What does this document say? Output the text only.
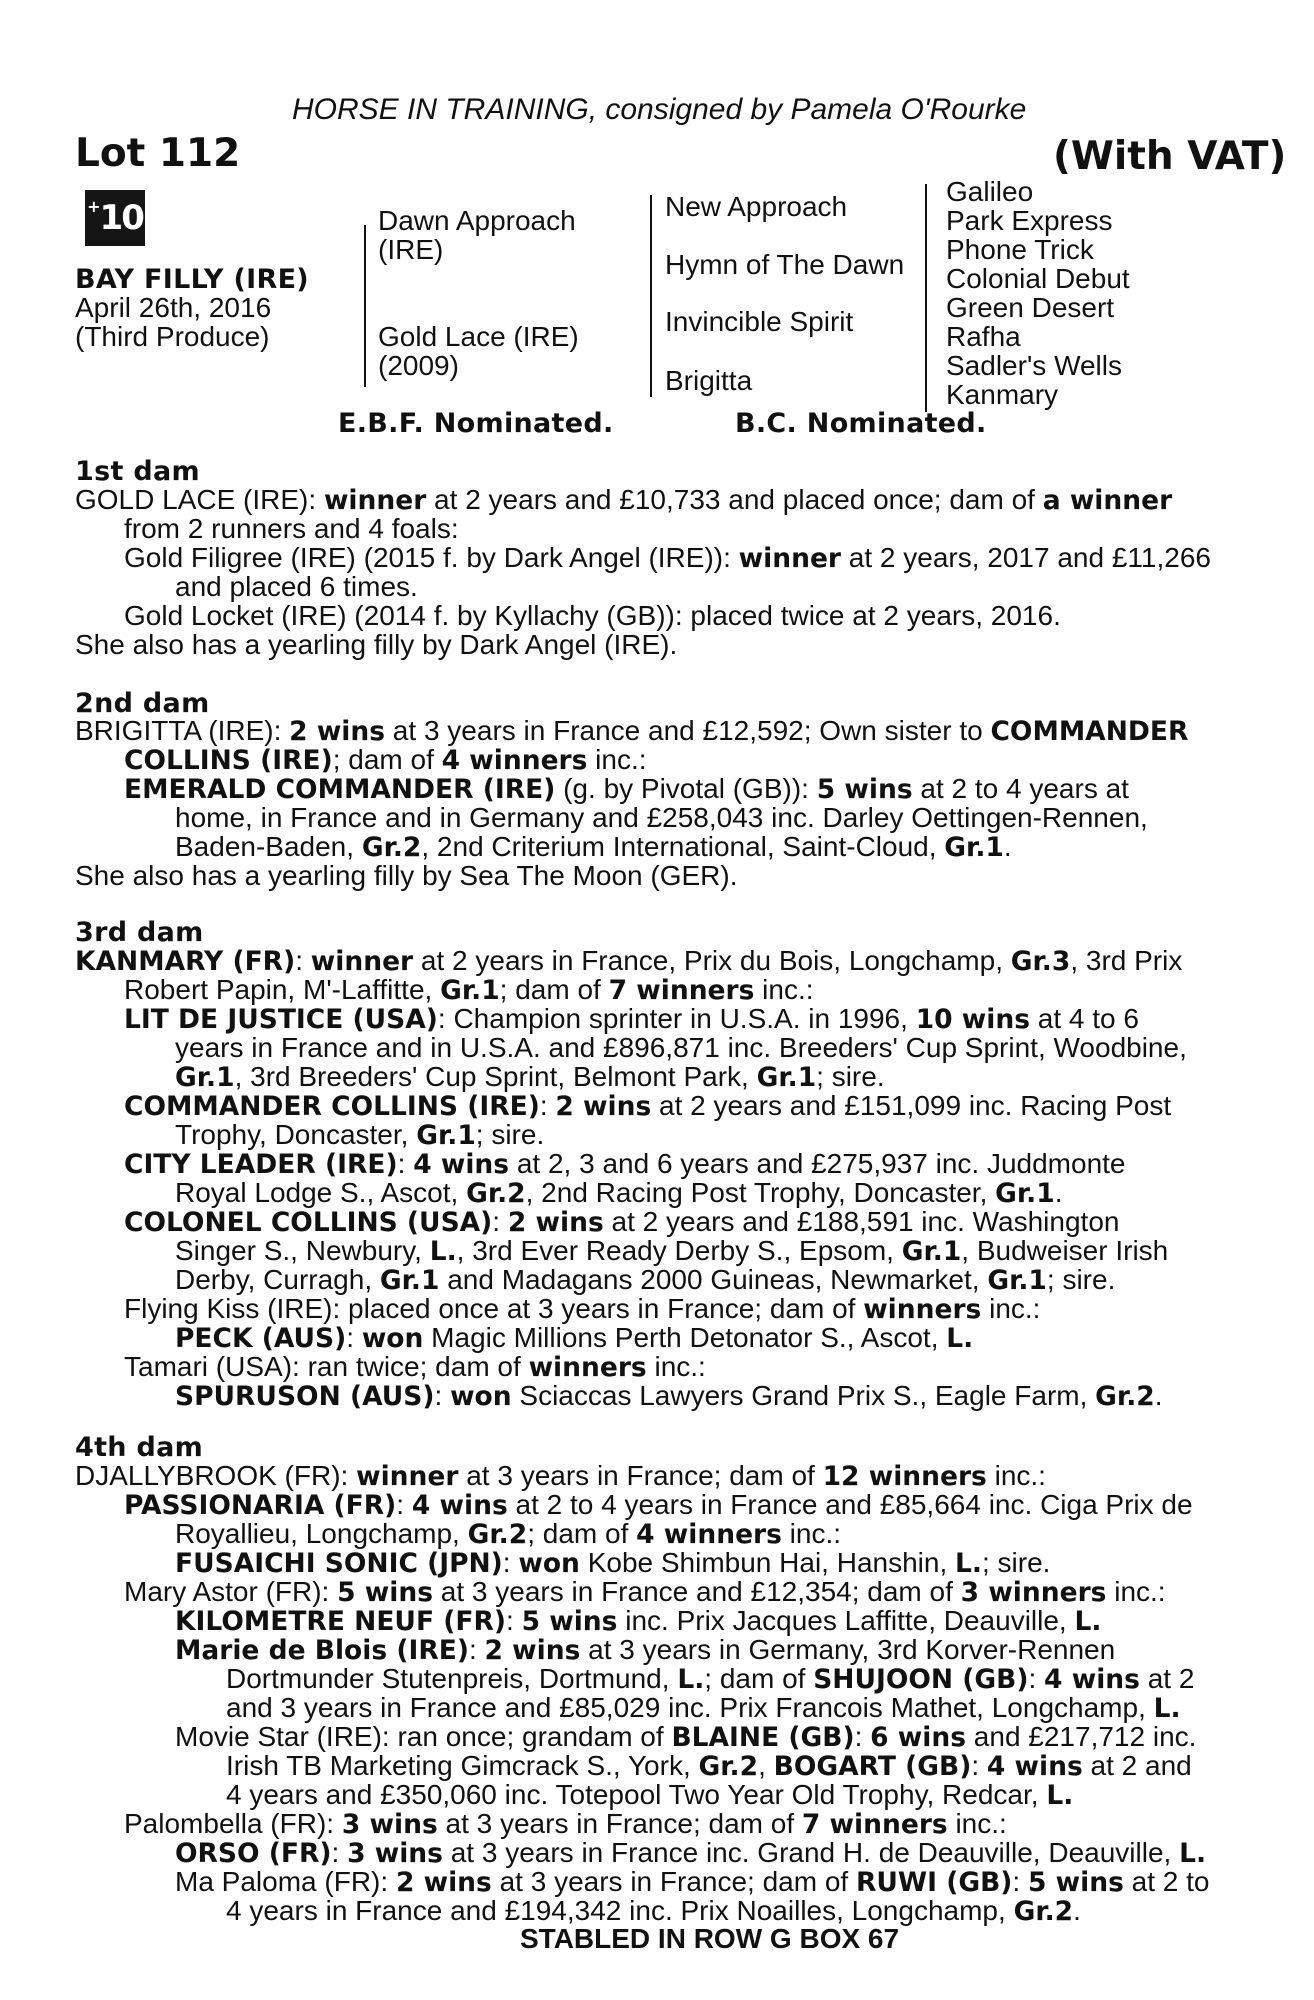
HORSE IN TRAINING, consigned by Pamela O'Rourke
Lot 112	(With VAT)
+ 10
BAY FILLY (IRE)
April 26th, 2016
(Third Produce)
Dawn Approach
(IRE)
Gold Lace (IRE)
(2009)
New Approach
Hymn of The Dawn
Invincible Spirit
Brigitta
Galileo
Park Express
Phone Trick
Colonial Debut
Green Desert
Rafha
Sadler's Wells
Kanmary
E.B.F. Nominated.	B.C. Nominated.
1st dam
GOLD LACE (IRE): winner at 2 years and £10,733 and placed once; dam of a winner
from 2 runners and 4 foals:
Gold Filigree (IRE) (2015 f. by Dark Angel (IRE)): winner at 2 years, 2017 and £11,266
and placed 6 times.
Gold Locket (IRE) (2014 f. by Kyllachy (GB)): placed twice at 2 years, 2016.
She also has a yearling filly by Dark Angel (IRE).
2nd dam
BRIGITTA (IRE): 2 wins at 3 years in France and £12,592; Own sister to COMMANDER
COLLINS (IRE); dam of 4 winners inc.:
EMERALD COMMANDER (IRE) (g. by Pivotal (GB)): 5 wins at 2 to 4 years at
home, in France and in Germany and £258,043 inc. Darley Oettingen-Rennen,
Baden-Baden, Gr.2, 2nd Criterium International, Saint-Cloud, Gr.1.
She also has a yearling filly by Sea The Moon (GER).
3rd dam
KANMARY (FR): winner at 2 years in France, Prix du Bois, Longchamp, Gr.3, 3rd Prix
Robert Papin, M'-Laffitte, Gr.1; dam of 7 winners inc.:
LIT DE JUSTICE (USA): Champion sprinter in U.S.A. in 1996, 10 wins at 4 to 6
years in France and in U.S.A. and £896,871 inc. Breeders' Cup Sprint, Woodbine,
Gr.1, 3rd Breeders' Cup Sprint, Belmont Park, Gr.1; sire.
COMMANDER COLLINS (IRE): 2 wins at 2 years and £151,099 inc. Racing Post
Trophy, Doncaster, Gr.1; sire.
CITY LEADER (IRE): 4 wins at 2, 3 and 6 years and £275,937 inc. Juddmonte
Royal Lodge S., Ascot, Gr.2, 2nd Racing Post Trophy, Doncaster, Gr.1.
COLONEL COLLINS (USA): 2 wins at 2 years and £188,591 inc. Washington
Singer S., Newbury, L., 3rd Ever Ready Derby S., Epsom, Gr.1, Budweiser Irish
Derby, Curragh, Gr.1 and Madagans 2000 Guineas, Newmarket, Gr.1; sire.
Flying Kiss (IRE): placed once at 3 years in France; dam of winners inc.:
PECK (AUS): won Magic Millions Perth Detonator S., Ascot, L.
Tamari (USA): ran twice; dam of winners inc.:
SPURUSON (AUS): won Sciaccas Lawyers Grand Prix S., Eagle Farm, Gr.2.
4th dam
DJALLYBROOK (FR): winner at 3 years in France; dam of 12 winners inc.:
PASSIONARIA (FR): 4 wins at 2 to 4 years in France and £85,664 inc. Ciga Prix de
Royallieu, Longchamp, Gr.2; dam of 4 winners inc.:
FUSAICHI SONIC (JPN): won Kobe Shimbun Hai, Hanshin, L.; sire.
Mary Astor (FR): 5 wins at 3 years in France and £12,354; dam of 3 winners inc.:
KILOMETRE NEUF (FR): 5 wins inc. Prix Jacques Laffitte, Deauville, L.
Marie de Blois (IRE): 2 wins at 3 years in Germany, 3rd Korver-Rennen
Dortmunder Stutenpreis, Dortmund, L.; dam of SHUJOON (GB): 4 wins at 2
and 3 years in France and £85,029 inc. Prix Francois Mathet, Longchamp, L.
Movie Star (IRE): ran once; grandam of BLAINE (GB): 6 wins and £217,712 inc.
Irish TB Marketing Gimcrack S., York, Gr.2, BOGART (GB): 4 wins at 2 and
4 years and £350,060 inc. Totepool Two Year Old Trophy, Redcar, L.
Palombella (FR): 3 wins at 3 years in France; dam of 7 winners inc.:
ORSO (FR): 3 wins at 3 years in France inc. Grand H. de Deauville, Deauville, L.
Ma Paloma (FR): 2 wins at 3 years in France; dam of RUWI (GB): 5 wins at 2 to
4 years in France and £194,342 inc. Prix Noailles, Longchamp, Gr.2.
STABLED IN ROW G BOX 67
